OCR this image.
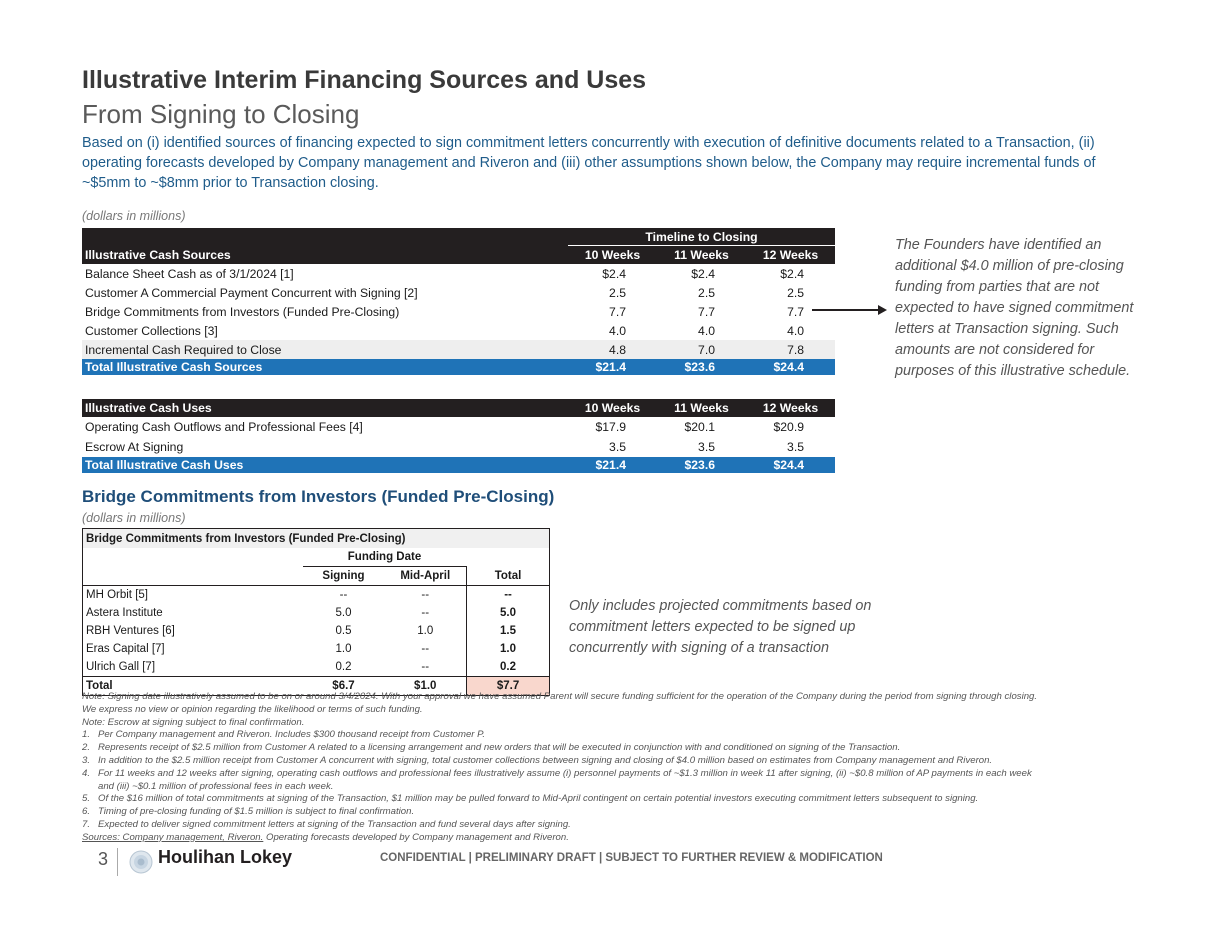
Illustrative Interim Financing Sources and Uses
From Signing to Closing
Based on (i) identified sources of financing expected to sign commitment letters concurrently with execution of definitive documents related to a Transaction, (ii) operating forecasts developed by Company management and Riveron and (iii) other assumptions shown below, the Company may require incremental funds of ~$5mm to ~$8mm prior to Transaction closing.
(dollars in millions)
	Timeline to Closing		

Illustrative Cash Sources	10 Weeks	11 Weeks	12 Weeks
Balance Sheet Cash as of 3/1/2024 [1]	$2.4	$2.4	$2.4
Customer A Commercial Payment Concurrent with Signing [2]	2.5	2.5	2.5
Bridge Commitments from Investors (Funded Pre-Closing)	7.7	7.7	7.7
Customer Collections [3]	4.0	4.0	4.0
Incremental Cash Required to Close	4.8	7.0	7.8
Total Illustrative Cash Sources	$21.4	$23.6	$24.4
Illustrative Cash Uses	10 Weeks	11 Weeks	12 Weeks
Operating Cash Outflows and Professional Fees [4]	$17.9	$20.1	$20.9
Escrow At Signing	3.5	3.5	3.5
Total Illustrative Cash Uses	$21.4	$23.6	$24.4
The Founders have identified an additional $4.0 million of pre-closing funding from parties that are not expected to have signed commitment letters at Transaction signing. Such amounts are not considered for purposes of this illustrative schedule.
Bridge Commitments from Investors (Funded Pre-Closing)
(dollars in millions)
Bridge Commitments from Investors (Funded Pre-Closing)			
	Funding Date		
	Signing	Mid-April	Total
MH Orbit [5]	--	--	--
Astera Institute	5.0	--	5.0
RBH Ventures [6]	0.5	1.0	1.5
Eras Capital [7]	1.0	--	1.0
Ulrich Gall [7]	0.2	--	0.2
Total	$6.7	$1.0	$7.7
Only includes projected commitments based on commitment letters expected to be signed up concurrently with signing of a transaction
Note: Signing date illustratively assumed to be on or around 3/4/2024. With your approval we have assumed Parent will secure funding sufficient for the operation of the Company during the period from signing through closing.
We express no view or opinion regarding the likelihood or terms of such funding.
Note: Escrow at signing subject to final confirmation.
1. Per Company management and Riveron. Includes $300 thousand receipt from Customer P.
2. Represents receipt of $2.5 million from Customer A related to a licensing arrangement and new orders that will be executed in conjunction with and conditioned on signing of the Transaction.
3. In addition to the $2.5 million receipt from Customer A concurrent with signing, total customer collections between signing and closing of $4.0 million based on estimates from Company management and Riveron.
4. For 11 weeks and 12 weeks after signing, operating cash outflows and professional fees illustratively assume (i) personnel payments of ~$1.3 million in week 11 after signing, (ii) ~$0.8 million of AP payments in each week
and (iii) ~$0.1 million of professional fees in each week.
5. Of the $16 million of total commitments at signing of the Transaction, $1 million may be pulled forward to Mid-April contingent on certain potential investors executing commitment letters subsequent to signing.
6. Timing of pre-closing funding of $1.5 million is subject to final confirmation.
7. Expected to deliver signed commitment letters at signing of the Transaction and fund several days after signing.
Sources: Company management, Riveron. Operating forecasts developed by Company management and Riveron.
3	Houlihan Lokey	CONFIDENTIAL | PRELIMINARY DRAFT | SUBJECT TO FURTHER REVIEW & MODIFICATION
